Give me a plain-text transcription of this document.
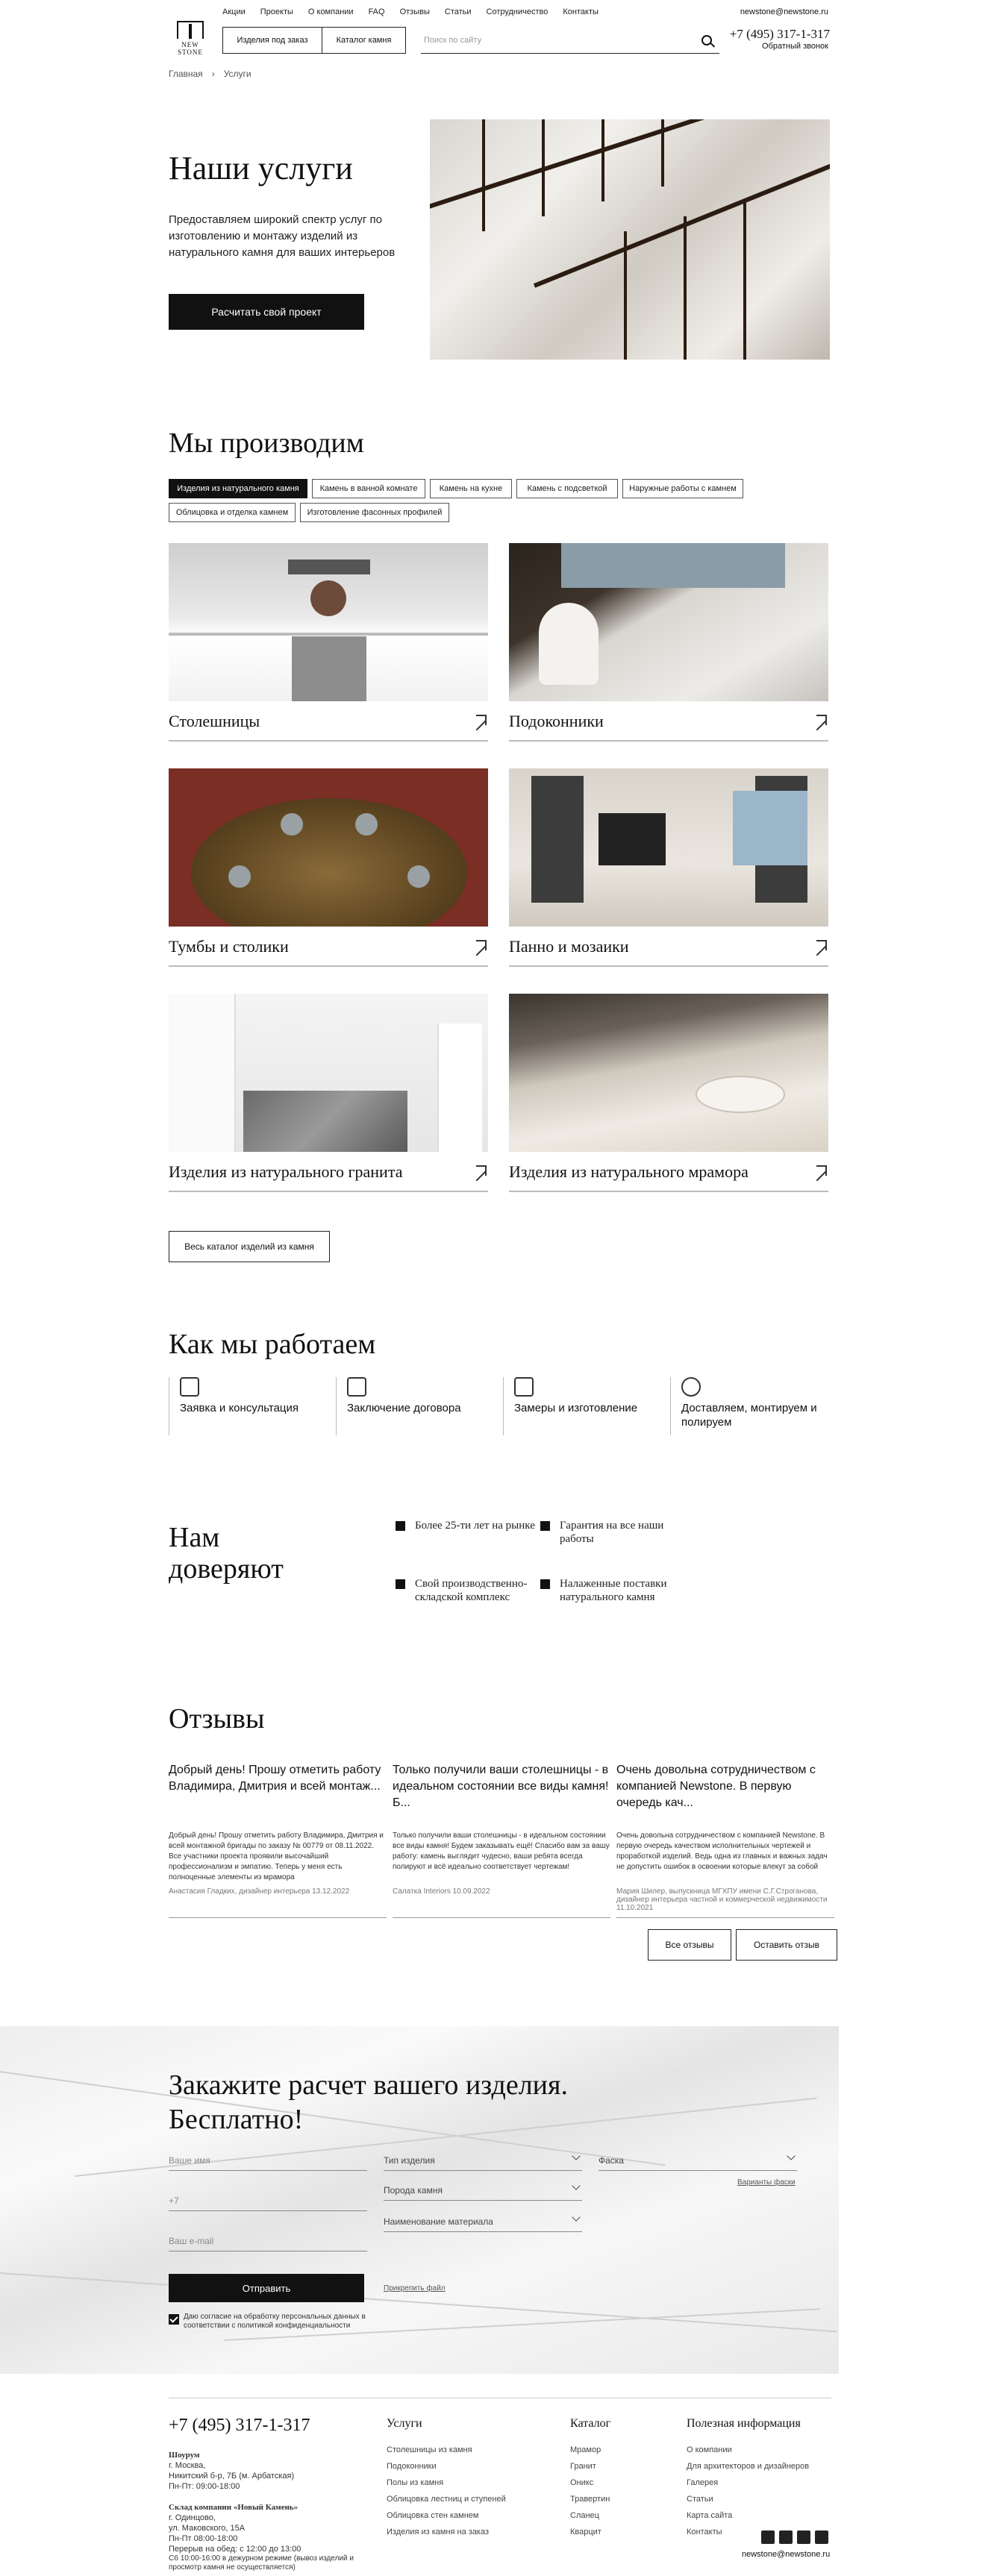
Акции Проекты О компании FAQ Отзывы Статьи Сотрудничество Контакты
NEW STONE
Изделия под заказ	Каталог камня	Поиск по сайту
newstone@newstone.ru
+7 (495) 317-1-317
Обратный звонок
Главная › Услуги
Наши услуги
Предоставляем широкий спектр услуг по изготовлению и монтажу изделий из натурального камня для ваших интерьеров
Расчитать свой проект
Мы производим
Изделия из натурального камня	Камень в ванной комнате	Камень на кухне	Камень с подсветкой	Наружные работы с камнем
Облицовка и отделка камнем	Изготовление фасонных профилей
Столешницы	Подоконники
Тумбы и столики	Панно и мозаики
Изделия из натурального гранита	Изделия из натурального мрамора
Весь каталог изделий из камня
Как мы работаем
Заявка и консультация	Заключение договора	Замеры и изготовление	Доставляем, монтируем и полируем
Нам доверяют
Более 25-ти лет на рынке	Гарантия на все наши работы
Свой производственно-складской комплекс
Налаженные поставки натурального камня
Отзывы
Добрый день! Прошу отметить работу Владимира, Дмитрия и всей монтаж...
Добрый день! Прошу отметить работу Владимира, Дмитрия и всей монтажной бригады по заказу № 00779 от 08.11.2022. Все участники проекта проявили высочайший профессионализм и эмпатию. Теперь у меня есть полноценные элементы из мрамора
Анастасия Гладких, дизайнер интерьера 13.12.2022
Только получили ваши столешницы - в идеальном состоянии все виды камня! Б...
Только получили ваши столешницы - в идеальном состоянии все виды камня! Будем заказывать ещё! Спасибо вам за вашу работу: камень выглядит чудесно, ваши ребята всегда полируют и всё идеально соответствует чертежам!
Салатка Interiors 10.09.2022
Очень довольна сотрудничеством с компанией Newstone. В первую очередь кач...
Очень довольна сотрудничеством с компанией Newstone. В первую очередь качеством исполнительных чертежей и проработкой изделий. Ведь одна из главных и важных задач не допустить ошибок в освоении которые влекут за собой
Мария Шилер, выпускница МГХПУ имени С.Г.Строганова, дизайнер интерьера частной и коммерческой недвижимости 11.10.2021
Все отзывы	Оставить отзыв
Закажите расчет вашего изделия. Бесплатно!
Ваше имя
+7
Ваш e-mail
Тип изделия
Порода камня
Наименование материала
Фаска
Варианты фаски
Отправить	Прикрепить файл
Даю согласие на обработку персональных данных в соответствии с политикой конфиденциальности
+7 (495) 317-1-317
Шоурум
г. Москва,
Никитский б-р, 7Б (м. Арбатская)
Пн-Пт: 09:00-18:00
Склад компании «Новый Камень»
г. Одинцово,
ул. Маковского, 15А
Пн-Пт 08:00-18:00
Перерыв на обед: с 12:00 до 13:00
Сб 10:00-16:00 в дежурном режиме (вывоз изделий и просмотр камня не осуществляется)
Услуги
Столешницы из камня
Подоконники
Полы из камня
Облицовка лестниц и ступеней
Облицовка стен камнем
Изделия из камня на заказ
Каталог
Мрамор
Гранит
Оникс
Травертин
Сланец
Кварцит
Полезная информация
О компании
Для архитекторов и дизайнеров
Галерея
Статьи
Карта сайта
Контакты
newstone@newstone.ru
